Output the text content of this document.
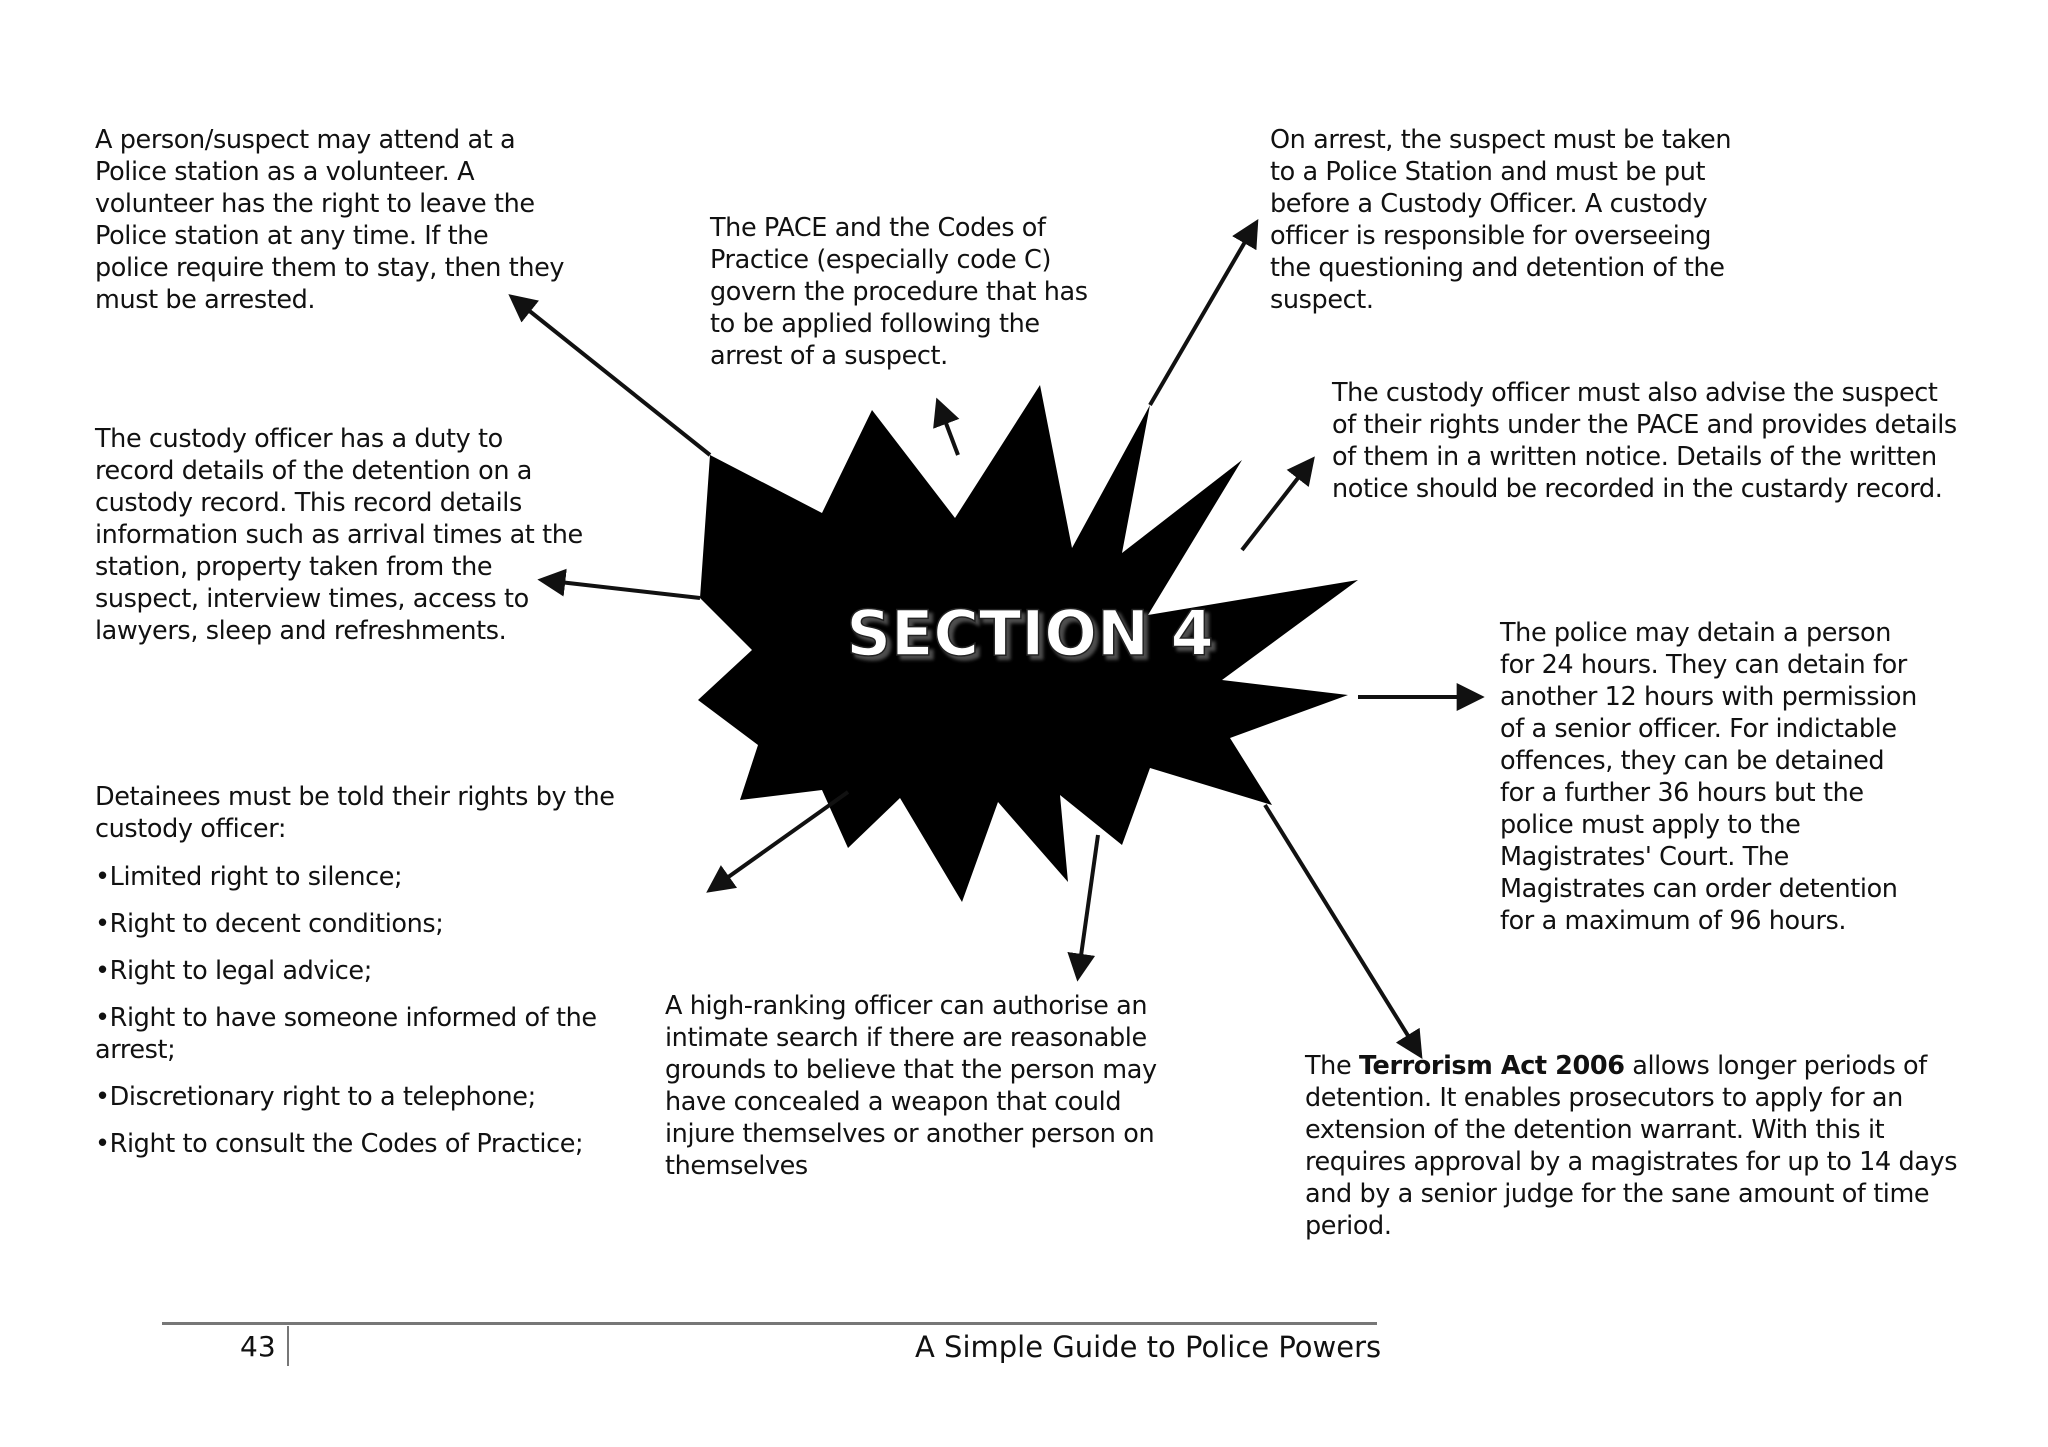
SECTION 4

A person/suspect may attend at a
Police station as a volunteer. A
volunteer has the right to leave the
Police station at any time. If the
police require them to stay, then they
must be arrested.

The PACE and the Codes of
Practice (especially code C)
govern the procedure that has
to be applied following the
arrest of a suspect.

On arrest, the suspect must be taken
to a Police Station and must be put
before a Custody Officer. A custody
officer is responsible for overseeing
the questioning and detention of the
suspect.

The custody officer must also advise the suspect
of their rights under the PACE and provides details
of them in a written notice. Details of the written
notice should be recorded in the custardy record.

The custody officer has a duty to
record details of the detention on a
custody record. This record details
information such as arrival times at the
station, property taken from the
suspect, interview times, access to
lawyers, sleep and refreshments.	The police may detain a person
for 24 hours. They can detain for
another 12 hours with permission
of a senior officer. For indictable
offences, they can be detained
for a further 36 hours but the
police must apply to the
Magistrates' Court. The
Magistrates can order detention
for a maximum of 96 hours.

Detainees must be told their rights by the
custody officer:

• Limited right to silence;
• Right to decent conditions;
• Right to legal advice;
• Right to have someone informed of the
arrest;
• Discretionary right to a telephone;
• Right to consult the Codes of Practice;

A high-ranking officer can authorise an
intimate search if there are reasonable
grounds to believe that the person may
have concealed a weapon that could
injure themselves or another person on
themselves

The Terrorism Act 2006 allows longer periods of
detention. It enables prosecutors to apply for an
extension of the detention warrant. With this it
requires approval by a magistrates for up to 14 days
and by a senior judge for the sane amount of time
period.

43	A Simple Guide to Police Powers
